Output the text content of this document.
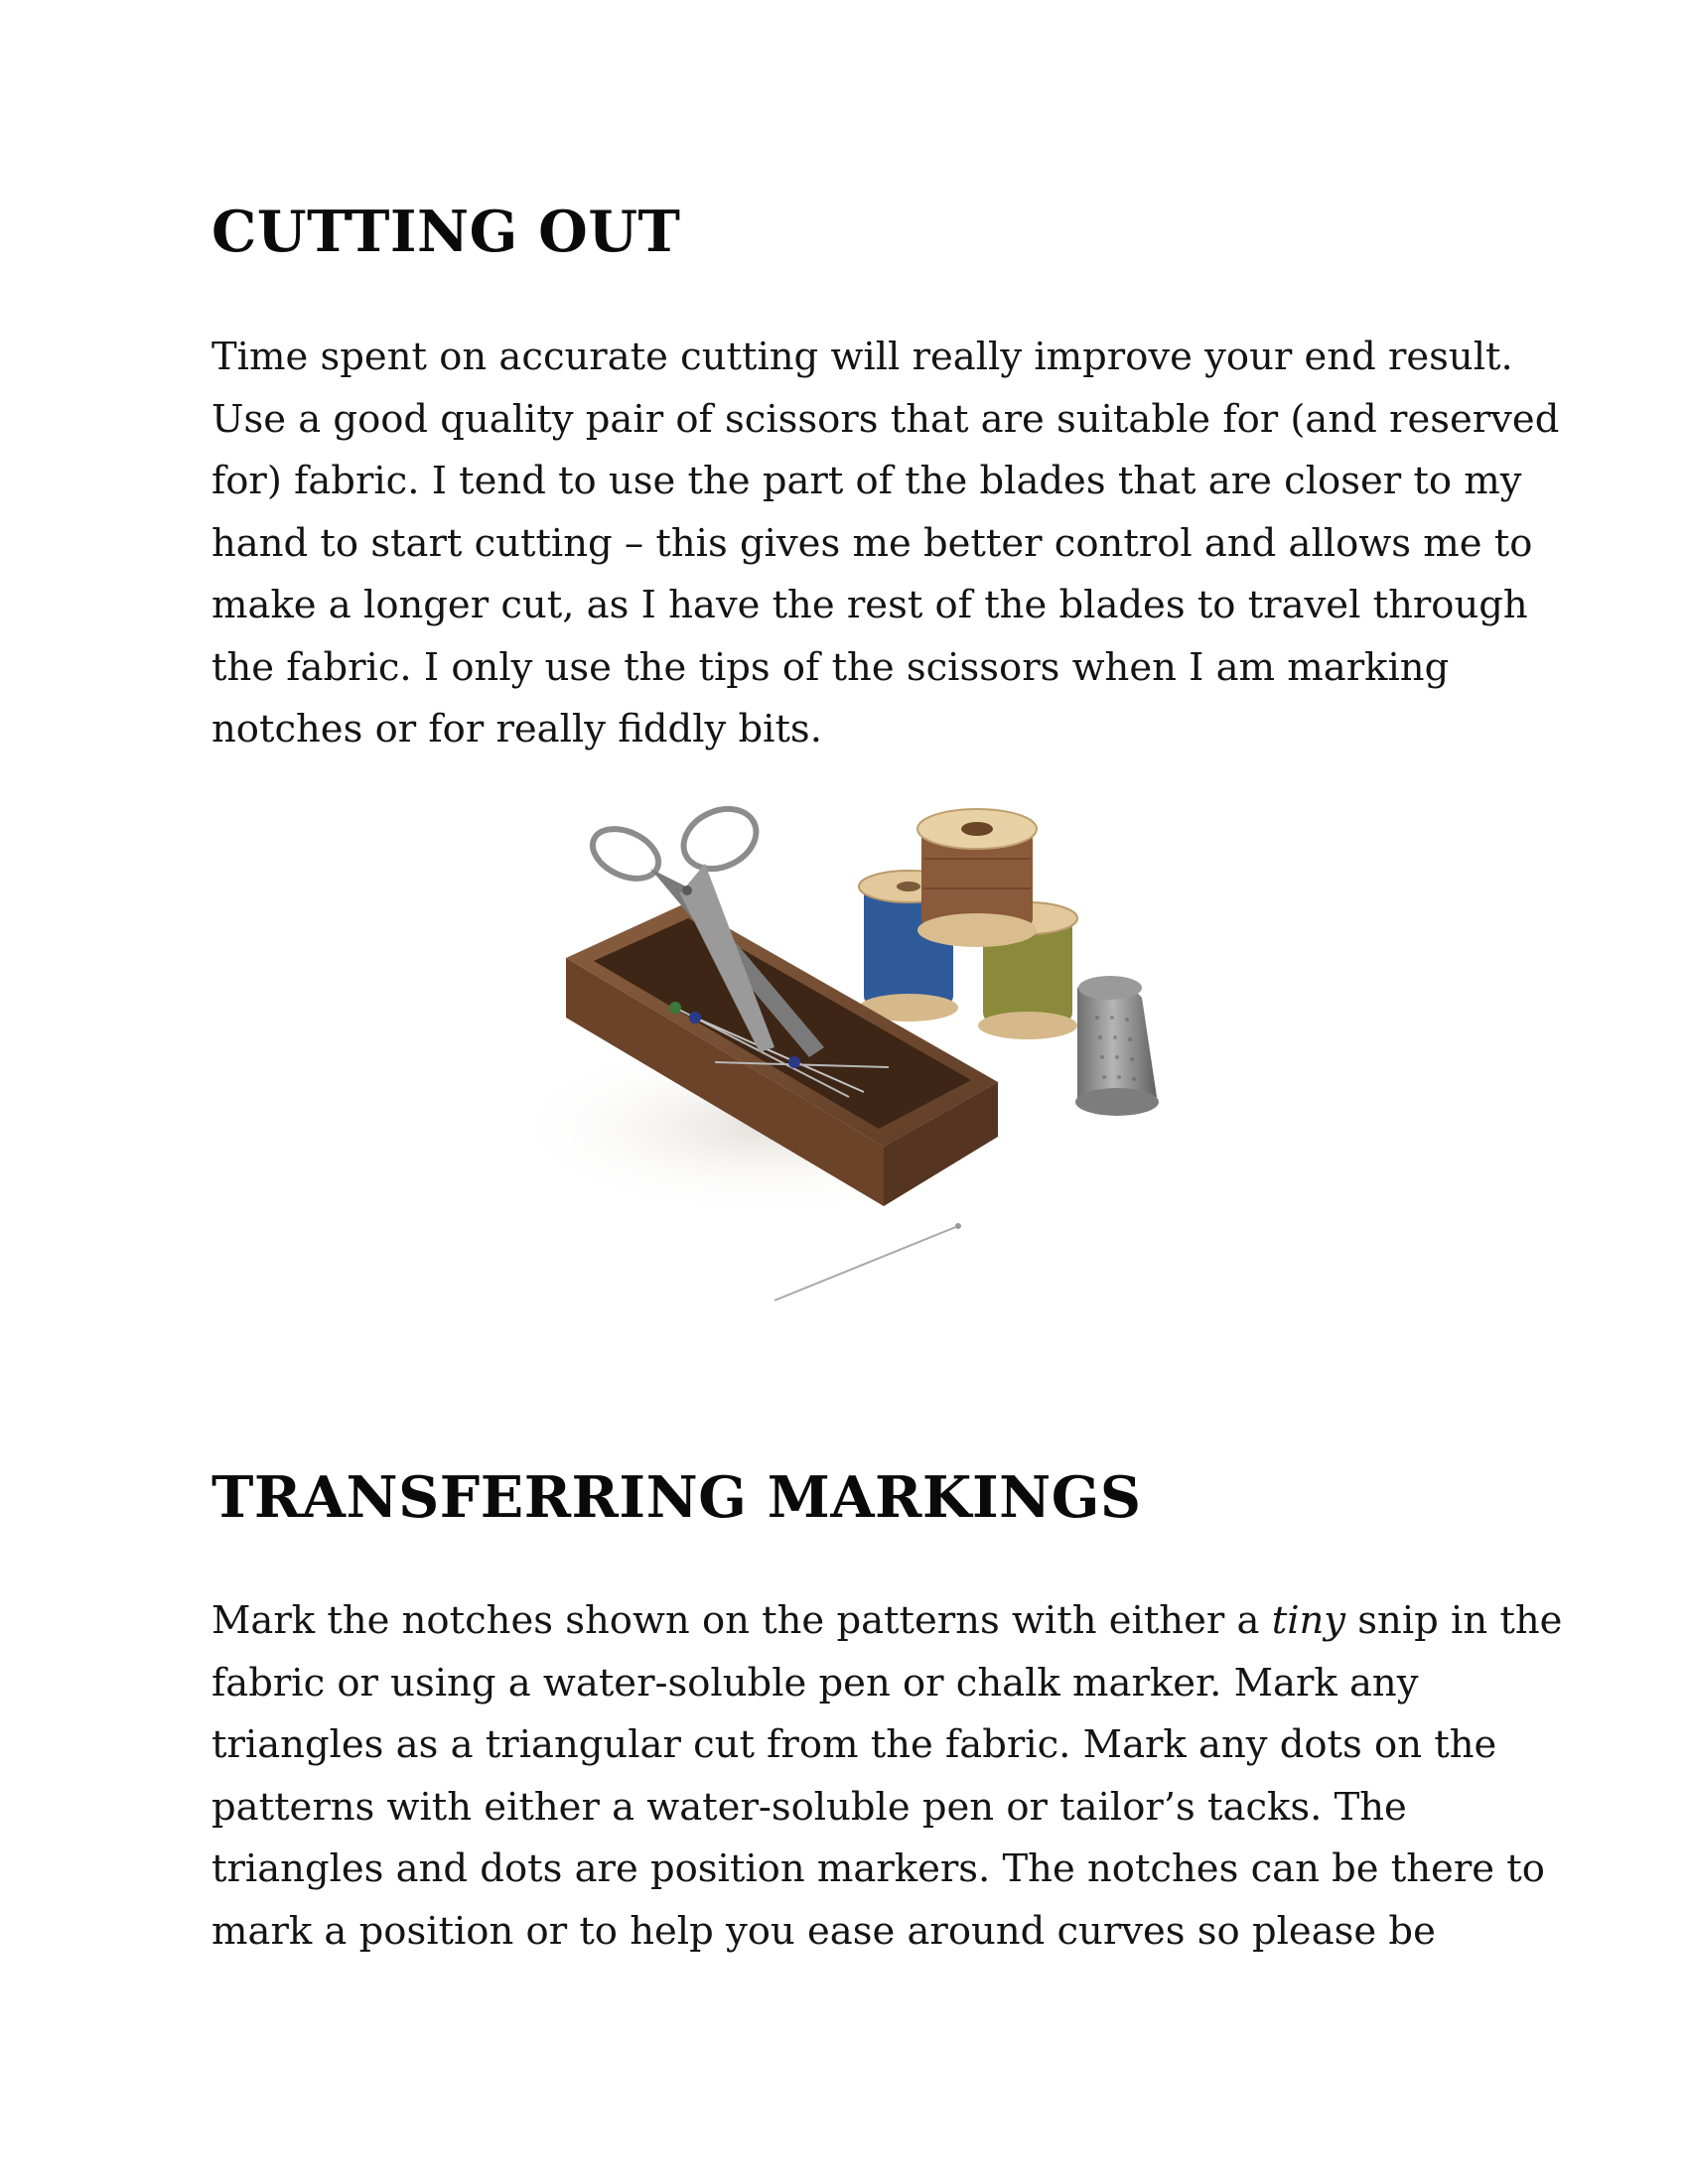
CUTTING OUT

Time spent on accurate cutting will really improve your end result.
Use a good quality pair of scissors that are suitable for (and reserved
for) fabric. I tend to use the part of the blades that are closer to my
hand to start cutting – this gives me better control and allows me to
make a longer cut, as I have the rest of the blades to travel through
the fabric. I only use the tips of the scissors when I am marking
notches or for really fiddly bits.

TRANSFERRING MARKINGS

Mark the notches shown on the patterns with either a tiny snip in the
fabric or using a water-soluble pen or chalk marker. Mark any
triangles as a triangular cut from the fabric. Mark any dots on the
patterns with either a water-soluble pen or tailor’s tacks. The
triangles and dots are position markers. The notches can be there to
mark a position or to help you ease around curves so please be
